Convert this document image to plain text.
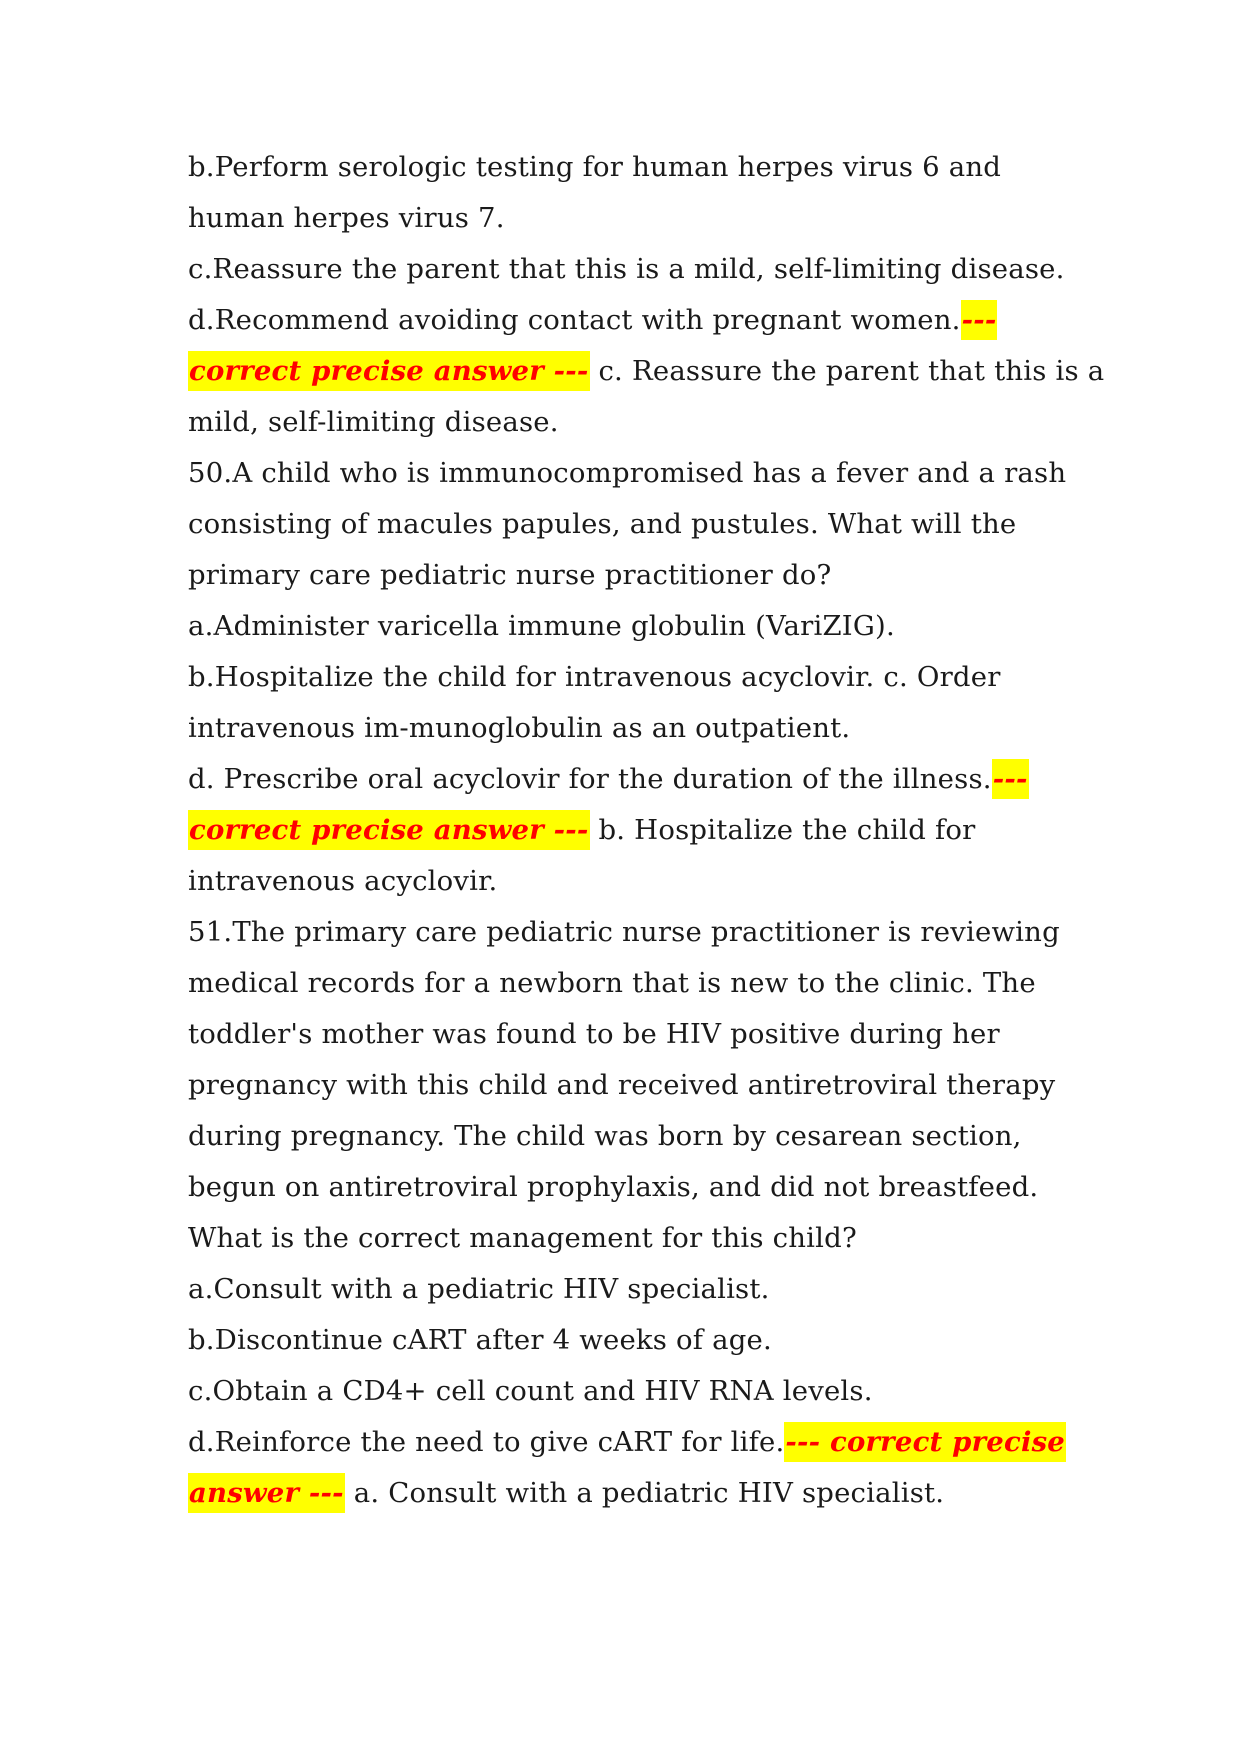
b.Perform serologic testing for human herpes virus 6 and
human herpes virus 7.
c.Reassure the parent that this is a mild, self-limiting disease.
d.Recommend avoiding contact with pregnant women.---
correct precise answer --- c. Reassure the parent that this is a
mild, self-limiting disease.
50.A child who is immunocompromised has a fever and a rash
consisting of macules papules, and pustules. What will the
primary care pediatric nurse practitioner do?
a.Administer varicella immune globulin (VariZIG).
b.Hospitalize the child for intravenous acyclovir. c. Order
intravenous im-munoglobulin as an outpatient.
d. Prescribe oral acyclovir for the duration of the illness.---
correct precise answer --- b. Hospitalize the child for
intravenous acyclovir.
51.The primary care pediatric nurse practitioner is reviewing
medical records for a newborn that is new to the clinic. The
toddler's mother was found to be HIV positive during her
pregnancy with this child and received antiretroviral therapy
during pregnancy. The child was born by cesarean section,
begun on antiretroviral prophylaxis, and did not breastfeed.
What is the correct management for this child?
a.Consult with a pediatric HIV specialist.
b.Discontinue cART after 4 weeks of age.
c.Obtain a CD4+ cell count and HIV RNA levels.
d.Reinforce the need to give cART for life.--- correct precise
answer --- a. Consult with a pediatric HIV specialist.
